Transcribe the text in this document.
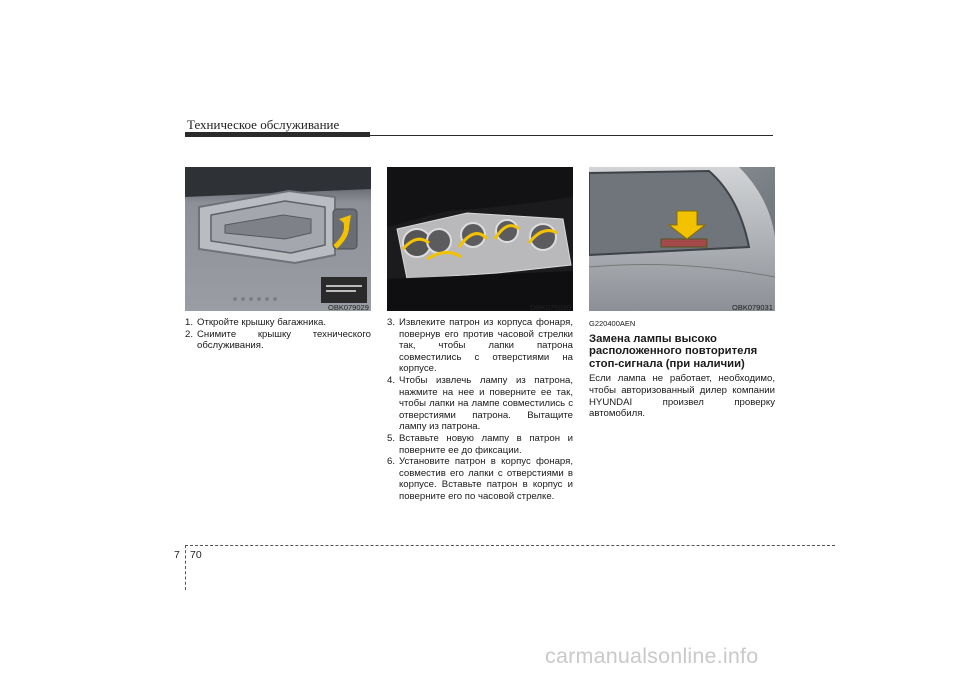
Техническое обслуживание
OBK079029	OBK079030	OBK079031
1. Откройте крышку багажника.
2. Снимите крышку технического обслуживания.
3. Извлеките патрон из корпуса фонаря, повернув его против часовой стрелки так, чтобы лапки патрона совместились с отверстиями на корпусе.
4. Чтобы извлечь лампу из патрона, нажмите на нее и поверните ее так, чтобы лапки на лампе совместились с отверстиями патрона. Вытащите лампу из патрона.
5. Вставьте новую лампу в патрон и поверните ее до фиксации.
6. Установите патрон в корпус фонаря, совместив его лапки с отверстиями в корпусе. Вставьте патрон в корпус и поверните его по часовой стрелке.
G220400AEN
Замена лампы высоко расположенного повторителя стоп-сигнала (при наличии)
Если лампа не работает, необходимо, чтобы авторизованный дилер компании HYUNDAI произвел проверку автомобиля.
7 70
carmanualsonline.info
